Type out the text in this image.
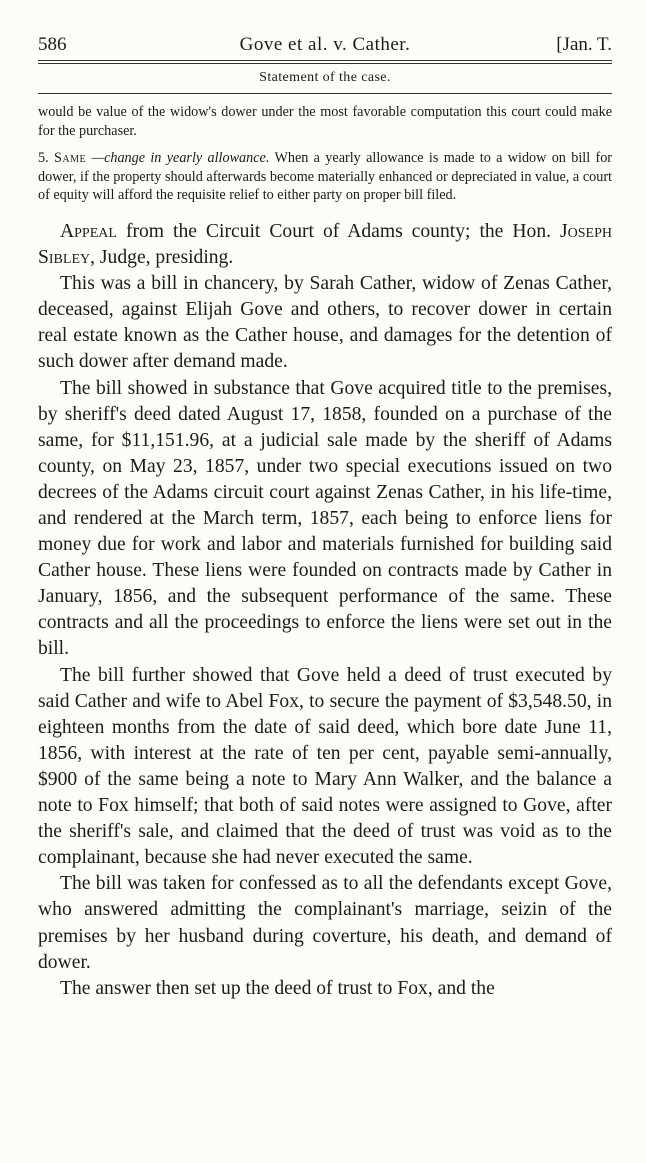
586	Gove et al. v. Cather.	[Jan. T.
Statement of the case.

would be value of the widow's dower under the most favorable computation this court could make for the purchaser.

5. Same —change in yearly allowance. When a yearly allowance is made to a widow on bill for dower, if the property should afterwards become materially enhanced or depreciated in value, a court of equity will afford the requisite relief to either party on proper bill filed.

Appeal from the Circuit Court of Adams county; the Hon. Joseph Sibley, Judge, presiding.

This was a bill in chancery, by Sarah Cather, widow of Zenas Cather, deceased, against Elijah Gove and others, to recover dower in certain real estate known as the Cather house, and damages for the detention of such dower after demand made.

The bill showed in substance that Gove acquired title to the premises, by sheriff's deed dated August 17, 1858, founded on a purchase of the same, for $11,151.96, at a judicial sale made by the sheriff of Adams county, on May 23, 1857, under two special executions issued on two decrees of the Adams circuit court against Zenas Cather, in his life-time, and rendered at the March term, 1857, each being to enforce liens for money due for work and labor and materials furnished for building said Cather house. These liens were founded on contracts made by Cather in January, 1856, and the subsequent performance of the same. These contracts and all the proceedings to enforce the liens were set out in the bill.

The bill further showed that Gove held a deed of trust executed by said Cather and wife to Abel Fox, to secure the payment of $3,548.50, in eighteen months from the date of said deed, which bore date June 11, 1856, with interest at the rate of ten per cent, payable semi-annually, $900 of the same being a note to Mary Ann Walker, and the balance a note to Fox himself; that both of said notes were assigned to Gove, after the sheriff's sale, and claimed that the deed of trust was void as to the complainant, because she had never executed the same.

The bill was taken for confessed as to all the defendants except Gove, who answered admitting the complainant's marriage, seizin of the premises by her husband during coverture, his death, and demand of dower.

The answer then set up the deed of trust to Fox, and the
